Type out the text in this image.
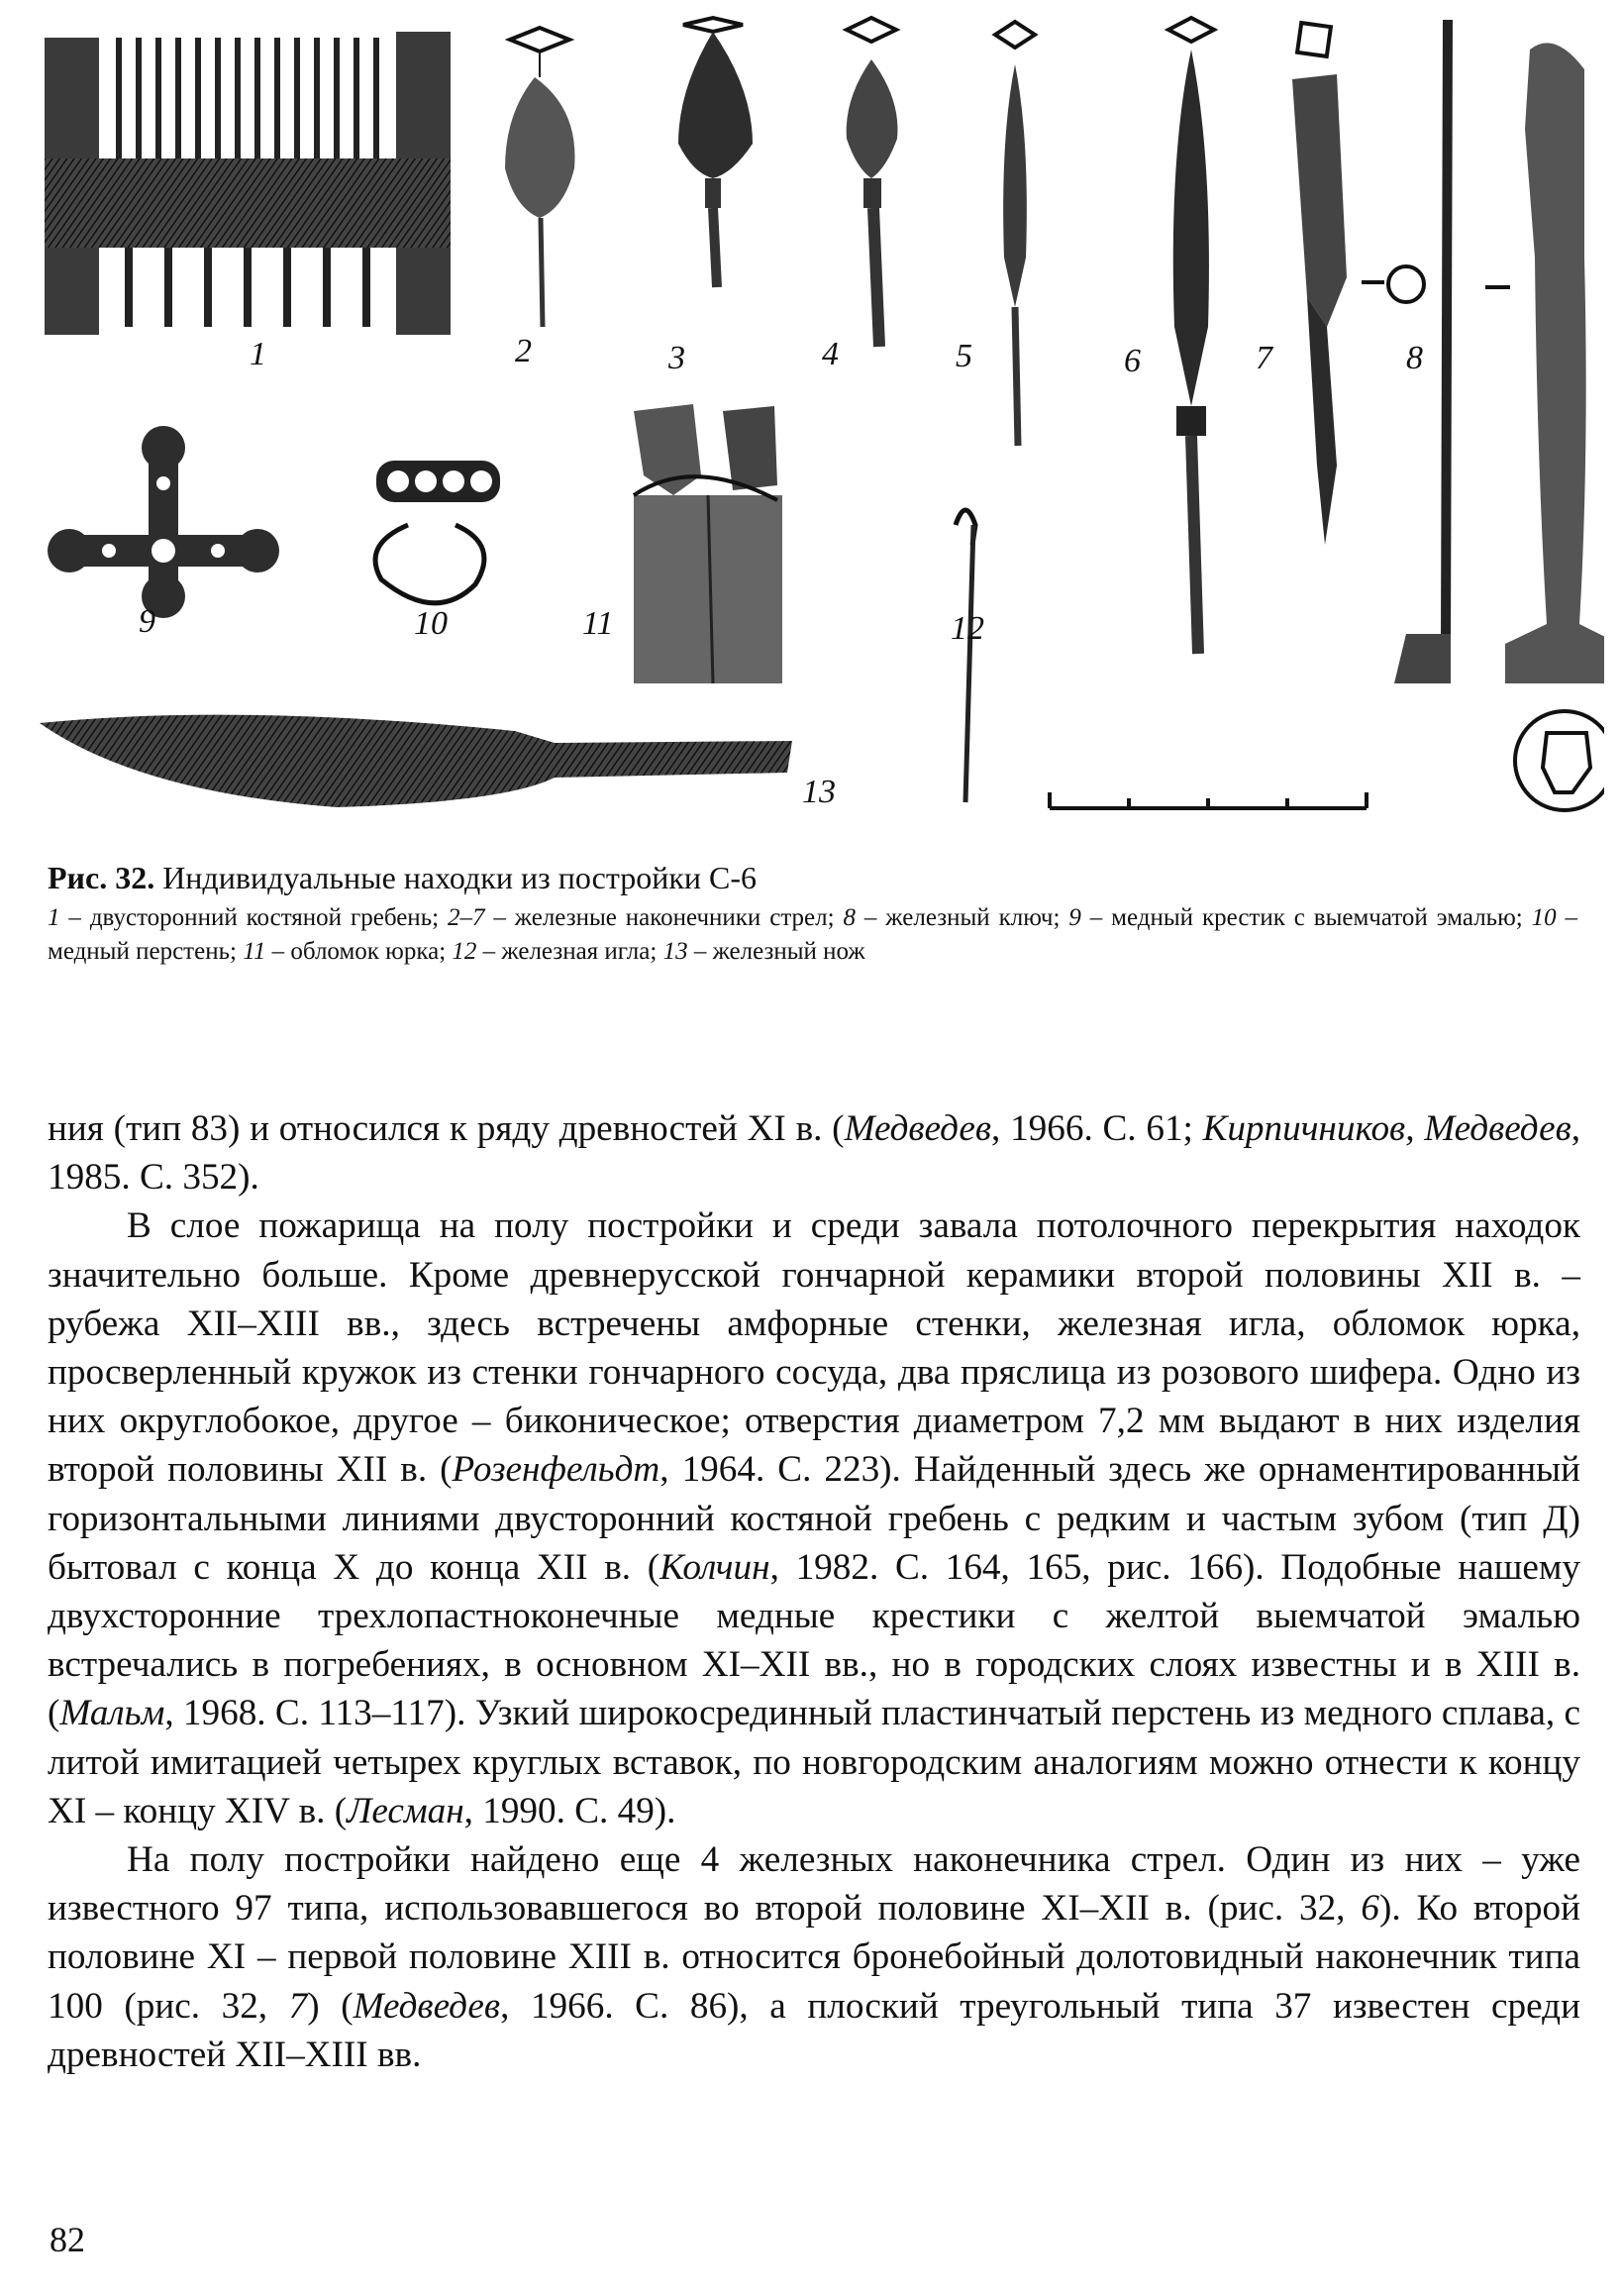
1	2	3	4	5	6	7	8
9	10	11	12
13
Рис. 32. Индивидуальные находки из постройки С-6
1 – двусторонний костяной гребень; 2–7 – железные наконечники стрел; 8 – железный ключ; 9 – медный крестик с выемчатой эмалью; 10 – медный перстень; 11 – обломок юрка; 12 – железная игла; 13 – железный нож

ния (тип 83) и относился к ряду древностей XI в. (Медведев, 1966. С. 61; Кирпичников, Медведев, 1985. С. 352).

В слое пожарища на полу постройки и среди завала потолочного перекрытия находок значительно больше. Кроме древнерусской гончарной керамики второй половины XII в. – рубежа XII–XIII вв., здесь встречены амфорные стенки, железная игла, обломок юрка, просверленный кружок из стенки гончарного сосуда, два пряслица из розового шифера. Одно из них округлобокое, другое – биконическое; отверстия диаметром 7,2 мм выдают в них изделия второй половины XII в. (Розенфельдт, 1964. С. 223). Найденный здесь же орнаментированный горизонтальными линиями двусторонний костяной гребень с редким и частым зубом (тип Д) бытовал с конца X до конца XII в. (Колчин, 1982. С. 164, 165, рис. 166). Подобные нашему двухсторонние трехлопастноконечные медные крестики с желтой выемчатой эмалью встречались в погребениях, в основном XI–XII вв., но в городских слоях известны и в XIII в. (Мальм, 1968. С. 113–117). Узкий широкосрединный пластинчатый перстень из медного сплава, с литой имитацией четырех круглых вставок, по новгородским аналогиям можно отнести к концу XI – концу XIV в. (Лесман, 1990. С. 49).

На полу постройки найдено еще 4 железных наконечника стрел. Один из них – уже известного 97 типа, использовавшегося во второй половине XI–XII в. (рис. 32, 6). Ко второй половине XI – первой половине XIII в. относится бронебойный долотовидный наконечник типа 100 (рис. 32, 7) (Медведев, 1966. С. 86), а плоский треугольный типа 37 известен среди древностей XII–XIII вв.

82
